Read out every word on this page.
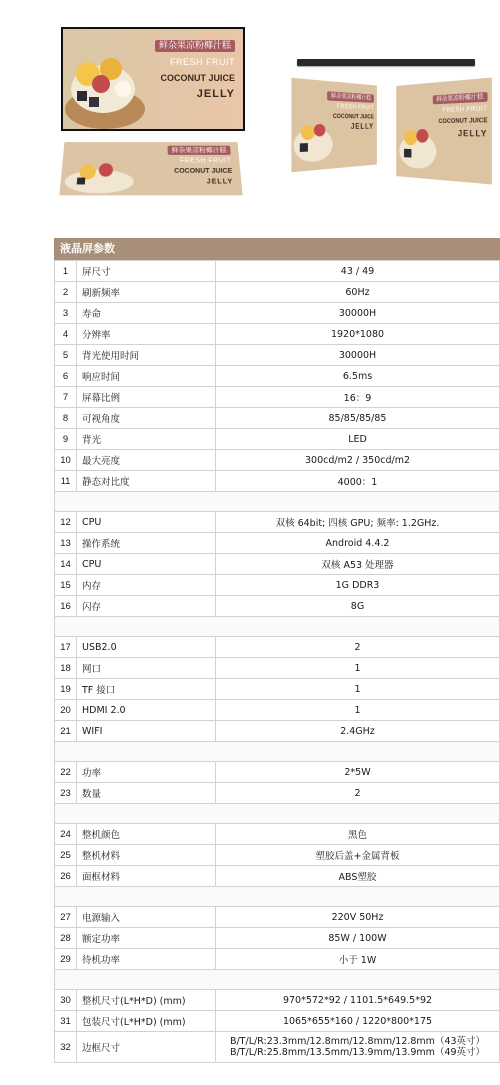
鲜杂果凉粉椰汁糕
FRESH FRUIT
COCONUT JUICE
JELLY
鲜杂果凉粉椰汁糕
FRESH FRUIT
COCONUT JUICE
JELLY
鲜杂果凉粉椰汁糕
FRESH FRUIT
COCONUT JUICE
JELLY
鲜杂果凉粉椰汁糕
FRESH FRUIT
COCONUT JUICE
JELLY
液晶屏参数
1	屏尺寸	43 / 49
2	刷新频率	60Hz
3	寿命	30000H
4	分辨率	1920*1080
5	背光使用时间	30000H
6	响应时间	6.5ms
7	屏幕比例	16：9
8	可视角度	85/85/85/85
9	背光	LED
10	最大亮度	300cd/m2 / 350cd/m2
11	静态对比度	4000：1

12	CPU	双核 64bit; 四核 GPU; 频率: 1.2GHz.
13	操作系统	Android 4.4.2
14	CPU	双核 A53 处理器
15	内存	1G DDR3
16	闪存	8G

17	USB2.0	2
18	网口	1
19	TF 接口	1
20	HDMI 2.0	1
21	WIFI	2.4GHz

22	功率	2*5W
23	数量	2

24	整机颜色	黑色
25	整机材料	塑胶后盖+金属背板
26	面框材料	ABS塑胶

27	电源输入	220V 50Hz
28	额定功率	85W / 100W
29	待机功率	小于 1W

30	整机尺寸(L*H*D) (mm)	970*572*92 / 1101.5*649.5*92
31	包装尺寸(L*H*D) (mm)	1065*655*160 / 1220*800*175
32	边框尺寸	B/T/L/R:23.3mm/12.8mm/12.8mm/12.8mm（43英寸）
B/T/L/R:25.8mm/13.5mm/13.9mm/13.9mm（49英寸）
